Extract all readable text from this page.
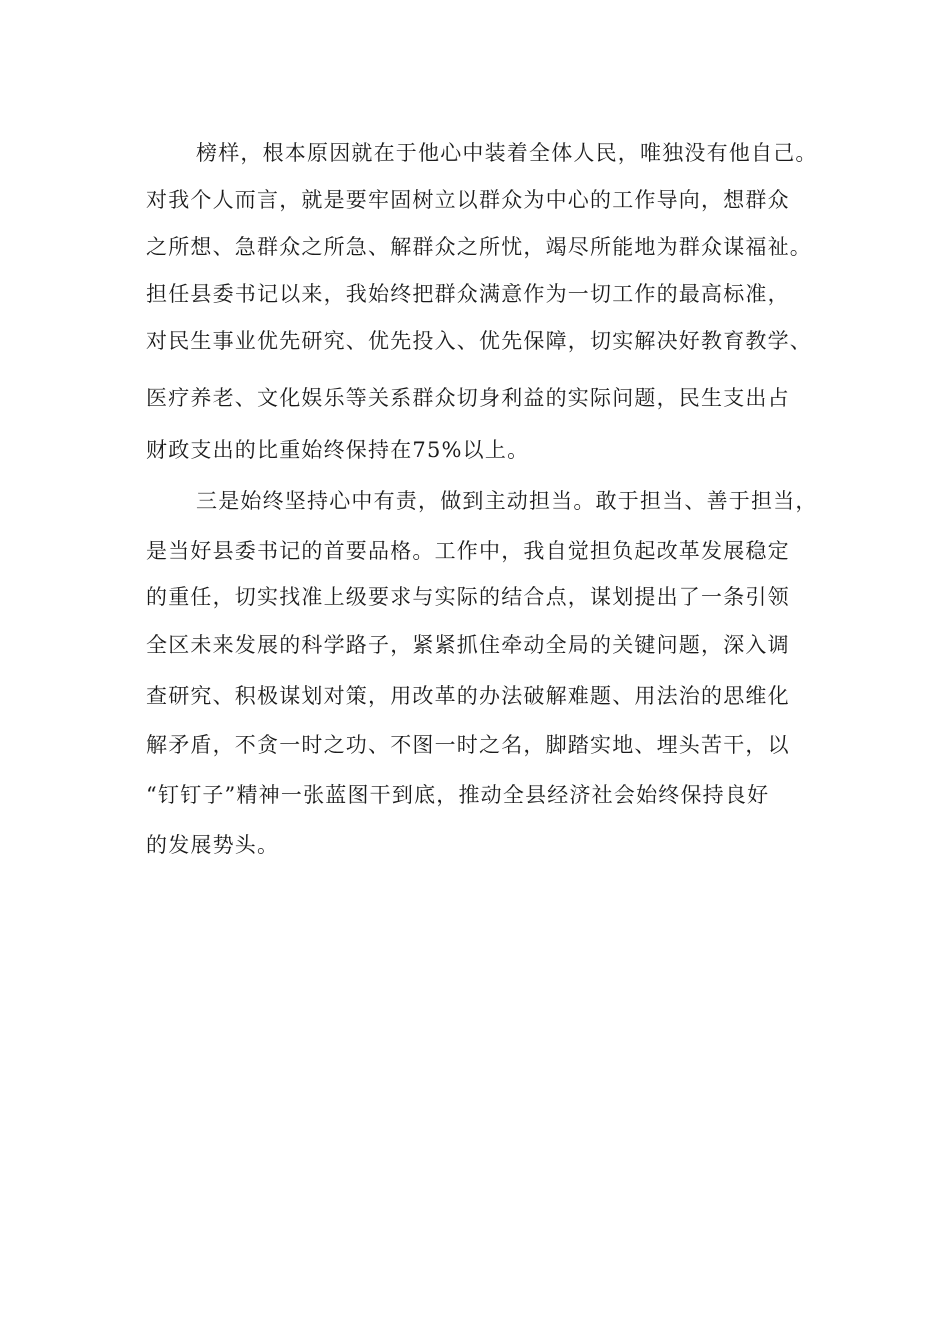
榜样，根本原因就在于他心中装着全体人民，唯独没有他自己。
对我个人而言，就是要牢固树立以群众为中心的工作导向，想群众
之所想、急群众之所急、解群众之所忧，竭尽所能地为群众谋福祉。
担任县委书记以来，我始终把群众满意作为一切工作的最高标准，
对民生事业优先研究、优先投入、优先保障，切实解决好教育教学、
医疗养老、文化娱乐等关系群众切身利益的实际问题，民生支出占
财政支出的比重始终保持在75%以上。
三是始终坚持心中有责，做到主动担当。敢于担当、善于担当，
是当好县委书记的首要品格。工作中，我自觉担负起改革发展稳定
的重任，切实找准上级要求与实际的结合点，谋划提出了一条引领
全区未来发展的科学路子，紧紧抓住牵动全局的关键问题，深入调
查研究、积极谋划对策，用改革的办法破解难题、用法治的思维化
解矛盾，不贪一时之功、不图一时之名，脚踏实地、埋头苦干，以
“钉钉子”精神一张蓝图干到底，推动全县经济社会始终保持良好
的发展势头。
